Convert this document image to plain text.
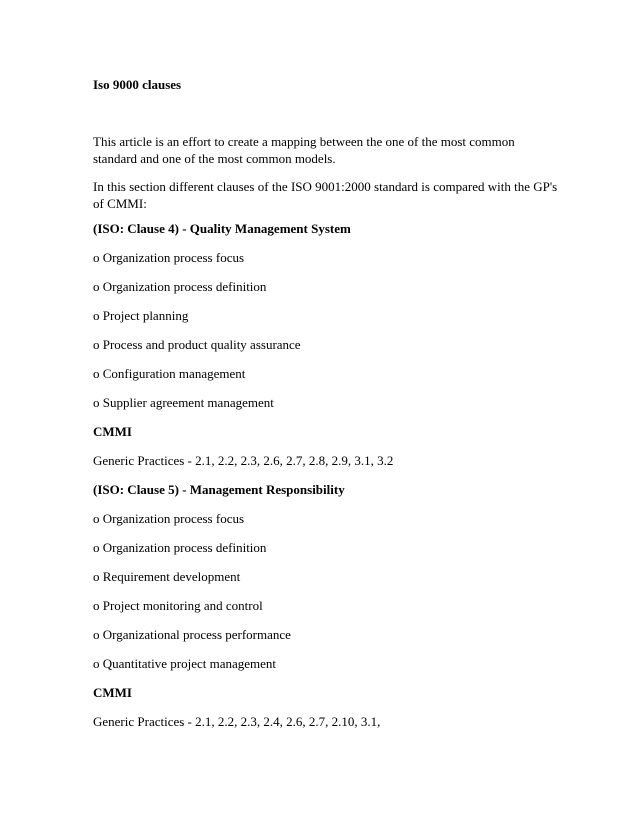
Iso 9000 clauses

This article is an effort to create a mapping between the one of the most common

standard and one of the most common models.

In this section different clauses of the ISO 9001:2000 standard is compared with the GP's

of CMMI:

(ISO: Clause 4) - Quality Management System

o Organization process focus

o Organization process definition

o Project planning

o Process and product quality assurance

o Configuration management

o Supplier agreement management

CMMI

Generic Practices - 2.1, 2.2, 2.3, 2.6, 2.7, 2.8, 2.9, 3.1, 3.2

(ISO: Clause 5) - Management Responsibility

o Organization process focus

o Organization process definition

o Requirement development

o Project monitoring and control

o Organizational process performance

o Quantitative project management

CMMI

Generic Practices - 2.1, 2.2, 2.3, 2.4, 2.6, 2.7, 2.10, 3.1,
